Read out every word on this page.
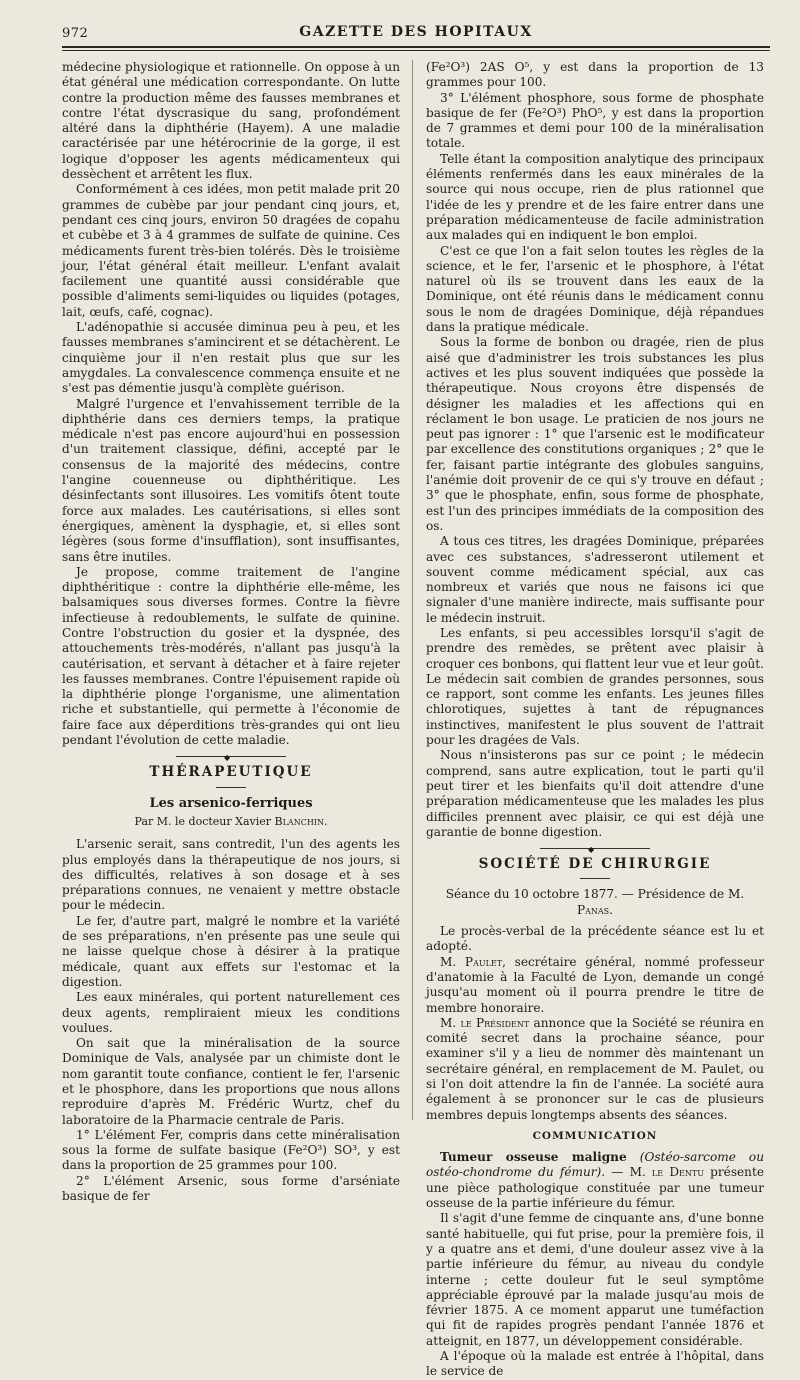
972	GAZETTE DES HOPITAUX

médecine physiologique et rationnelle. On oppose à un état général une médication correspondante. On lutte contre la production même des fausses membranes et contre l'état dyscrasique du sang, profondément altéré dans la diphthérie (Hayem). A une maladie caractérisée par une hétérocrinie de la gorge, il est logique d'opposer les agents médicamenteux qui dessèchent et arrêtent les flux.

Conformément à ces idées, mon petit malade prit 20 grammes de cubèbe par jour pendant cinq jours, et, pendant ces cinq jours, environ 50 dragées de copahu et cubèbe et 3 à 4 grammes de sulfate de quinine. Ces médicaments furent très-bien tolérés. Dès le troisième jour, l'état général était meilleur. L'enfant avalait facilement une quantité aussi considérable que possible d'aliments semi-liquides ou liquides (potages, lait, œufs, café, cognac).

L'adénopathie si accusée diminua peu à peu, et les fausses membranes s'amincirent et se détachèrent. Le cinquième jour il n'en restait plus que sur les amygdales. La convalescence commença ensuite et ne s'est pas démentie jusqu'à complète guérison.

Malgré l'urgence et l'envahissement terrible de la diphthérie dans ces derniers temps, la pratique médicale n'est pas encore aujourd'hui en possession d'un traitement classique, défini, accepté par le consensus de la majorité des médecins, contre l'angine couenneuse ou diphthéritique. Les désinfectants sont illusoires. Les vomitifs ôtent toute force aux malades. Les cautérisations, si elles sont énergiques, amènent la dysphagie, et, si elles sont légères (sous forme d'insufflation), sont insuffisantes, sans être inutiles.

Je propose, comme traitement de l'angine diphthéritique : contre la diphthérie elle-même, les balsamiques sous diverses formes. Contre la fièvre infectieuse à redoublements, le sulfate de quinine. Contre l'obstruction du gosier et la dyspnée, des attouchements très-modérés, n'allant pas jusqu'à la cautérisation, et servant à détacher et à faire rejeter les fausses membranes. Contre l'épuisement rapide où la diphthérie plonge l'organisme, une alimentation riche et substantielle, qui permette à l'économie de faire face aux déperditions très-grandes qui ont lieu pendant l'évolution de cette maladie.

◆
THÉRAPEUTIQUE
Les arsenico-ferriques
Par M. le docteur Xavier Blanchin.

L'arsenic serait, sans contredit, l'un des agents les plus employés dans la thérapeutique de nos jours, si des difficultés, relatives à son dosage et à ses préparations connues, ne venaient y mettre obstacle pour le médecin.

Le fer, d'autre part, malgré le nombre et la variété de ses préparations, n'en présente pas une seule qui ne laisse quelque chose à désirer à la pratique médicale, quant aux effets sur l'estomac et la digestion.

Les eaux minérales, qui portent naturellement ces deux agents, rempliraient mieux les conditions voulues.

On sait que la minéralisation de la source Dominique de Vals, analysée par un chimiste dont le nom garantit toute confiance, contient le fer, l'arsenic et le phosphore, dans les proportions que nous allons reproduire d'après M. Frédéric Wurtz, chef du laboratoire de la Pharmacie centrale de Paris.

1° L'élément Fer, compris dans cette minéralisation sous la forme de sulfate basique (Fe²O³) SO³, y est dans la proportion de 25 grammes pour 100.

2° L'élément Arsenic, sous forme d'arséniate basique de fer

(Fe²O³) 2AS O⁵, y est dans la proportion de 13 grammes pour 100.

3° L'élément phosphore, sous forme de phosphate basique de fer (Fe²O³) PhO⁵, y est dans la proportion de 7 grammes et demi pour 100 de la minéralisation totale.

Telle étant la composition analytique des principaux éléments renfermés dans les eaux minérales de la source qui nous occupe, rien de plus rationnel que l'idée de les y prendre et de les faire entrer dans une préparation médicamenteuse de facile administration aux malades qui en indiquent le bon emploi.

C'est ce que l'on a fait selon toutes les règles de la science, et le fer, l'arsenic et le phosphore, à l'état naturel où ils se trouvent dans les eaux de la Dominique, ont été réunis dans le médicament connu sous le nom de dragées Dominique, déjà répandues dans la pratique médicale.

Sous la forme de bonbon ou dragée, rien de plus aisé que d'administrer les trois substances les plus actives et les plus souvent indiquées que possède la thérapeutique. Nous croyons être dispensés de désigner les maladies et les affections qui en réclament le bon usage. Le praticien de nos jours ne peut pas ignorer : 1° que l'arsenic est le modificateur par excellence des constitutions organiques ; 2° que le fer, faisant partie intégrante des globules sanguins, l'anémie doit provenir de ce qui s'y trouve en défaut ; 3° que le phosphate, enfin, sous forme de phosphate, est l'un des principes immédiats de la composition des os.

A tous ces titres, les dragées Dominique, préparées avec ces substances, s'adresseront utilement et souvent comme médicament spécial, aux cas nombreux et variés que nous ne faisons ici que signaler d'une manière indirecte, mais suffisante pour le médecin instruit.

Les enfants, si peu accessibles lorsqu'il s'agit de prendre des remèdes, se prêtent avec plaisir à croquer ces bonbons, qui flattent leur vue et leur goût. Le médecin sait combien de grandes personnes, sous ce rapport, sont comme les enfants. Les jeunes filles chlorotiques, sujettes à tant de répugnances instinctives, manifestent le plus souvent de l'attrait pour les dragées de Vals.

Nous n'insisterons pas sur ce point ; le médecin comprend, sans autre explication, tout le parti qu'il peut tirer et les bienfaits qu'il doit attendre d'une préparation médicamenteuse que les malades les plus difficiles prennent avec plaisir, ce qui est déjà une garantie de bonne digestion.

◆
SOCIÉTÉ DE CHIRURGIE
Séance du 10 octobre 1877. — Présidence de M. Panas.

Le procès-verbal de la précédente séance est lu et adopté.

M. Paulet, secrétaire général, nommé professeur d'anatomie à la Faculté de Lyon, demande un congé jusqu'au moment où il pourra prendre le titre de membre honoraire.

M. le Président annonce que la Société se réunira en comité secret dans la prochaine séance, pour examiner s'il y a lieu de nommer dès maintenant un secrétaire général, en remplacement de M. Paulet, ou si l'on doit attendre la fin de l'année. La société aura également à se prononcer sur le cas de plusieurs membres depuis longtemps absents des séances.

COMMUNICATION

Tumeur osseuse maligne (Ostéo-sarcome ou ostéo-chondrome du fémur). — M. le Dentu présente une pièce pathologique constituée par une tumeur osseuse de la partie inférieure du fémur.

Il s'agit d'une femme de cinquante ans, d'une bonne santé habituelle, qui fut prise, pour la première fois, il y a quatre ans et demi, d'une douleur assez vive à la partie inférieure du fémur, au niveau du condyle interne ; cette douleur fut le seul symptôme appréciable éprouvé par la malade jusqu'au mois de février 1875. A ce moment apparut une tuméfaction qui fit de rapides progrès pendant l'année 1876 et atteignit, en 1877, un développement considérable.

A l'époque où la malade est entrée à l'hôpital, dans le service de
